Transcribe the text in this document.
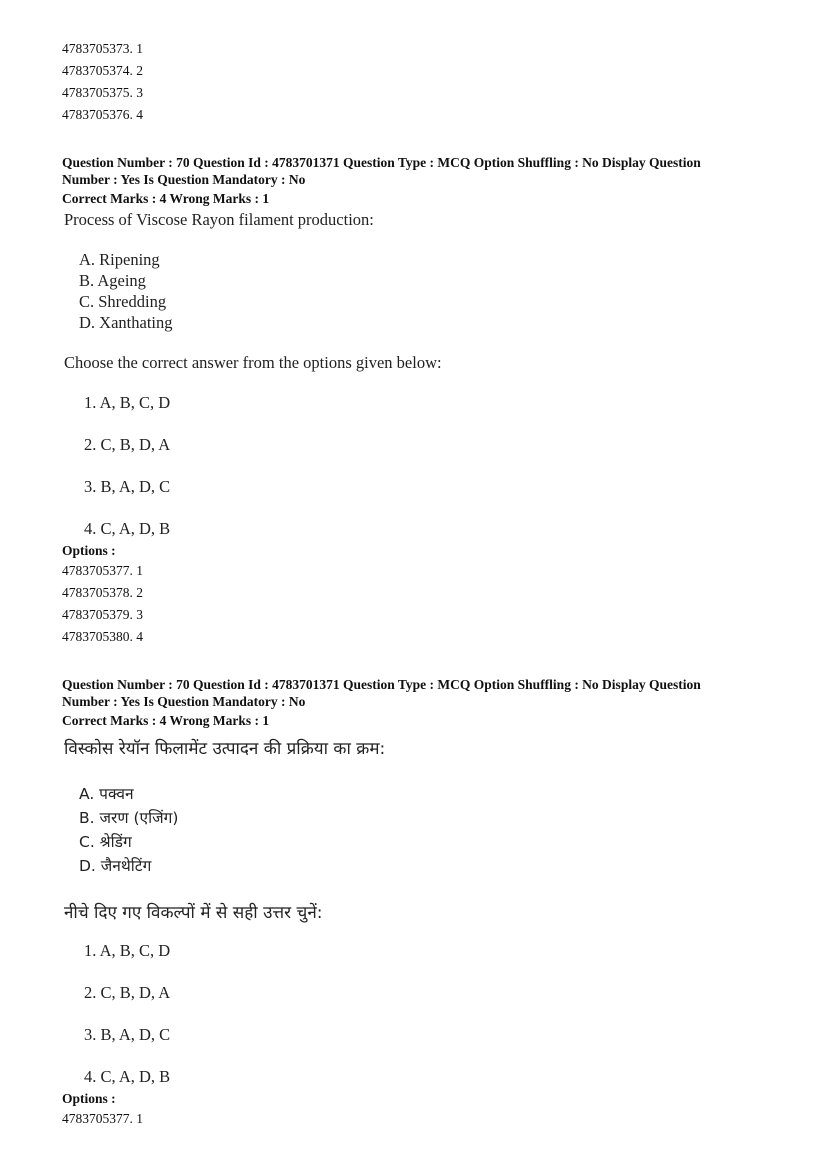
4783705373. 1
4783705374. 2
4783705375. 3
4783705376. 4
Question Number : 70 Question Id : 4783701371 Question Type : MCQ Option Shuffling : No Display Question
Number : Yes Is Question Mandatory : No
Correct Marks : 4 Wrong Marks : 1
Process of Viscose Rayon filament production:
A. Ripening
B. Ageing
C. Shredding
D. Xanthating
Choose the correct answer from the options given below:
1. A, B, C, D
2. C, B, D, A
3. B, A, D, C
4. C, A, D, B
Options :
4783705377. 1
4783705378. 2
4783705379. 3
4783705380. 4
Question Number : 70 Question Id : 4783701371 Question Type : MCQ Option Shuffling : No Display Question
Number : Yes Is Question Mandatory : No
Correct Marks : 4 Wrong Marks : 1
विस्कोस रेयॉन फिलामेंट उत्पादन की प्रक्रिया का क्रम:
A. पक्वन
B. जरण (एजिंग)
C. श्रेडिंग
D. जैनथेटिंग
नीचे दिए गए विकल्पों में से सही उत्तर चुनें:
1. A, B, C, D
2. C, B, D, A
3. B, A, D, C
4. C, A, D, B
Options :
4783705377. 1
